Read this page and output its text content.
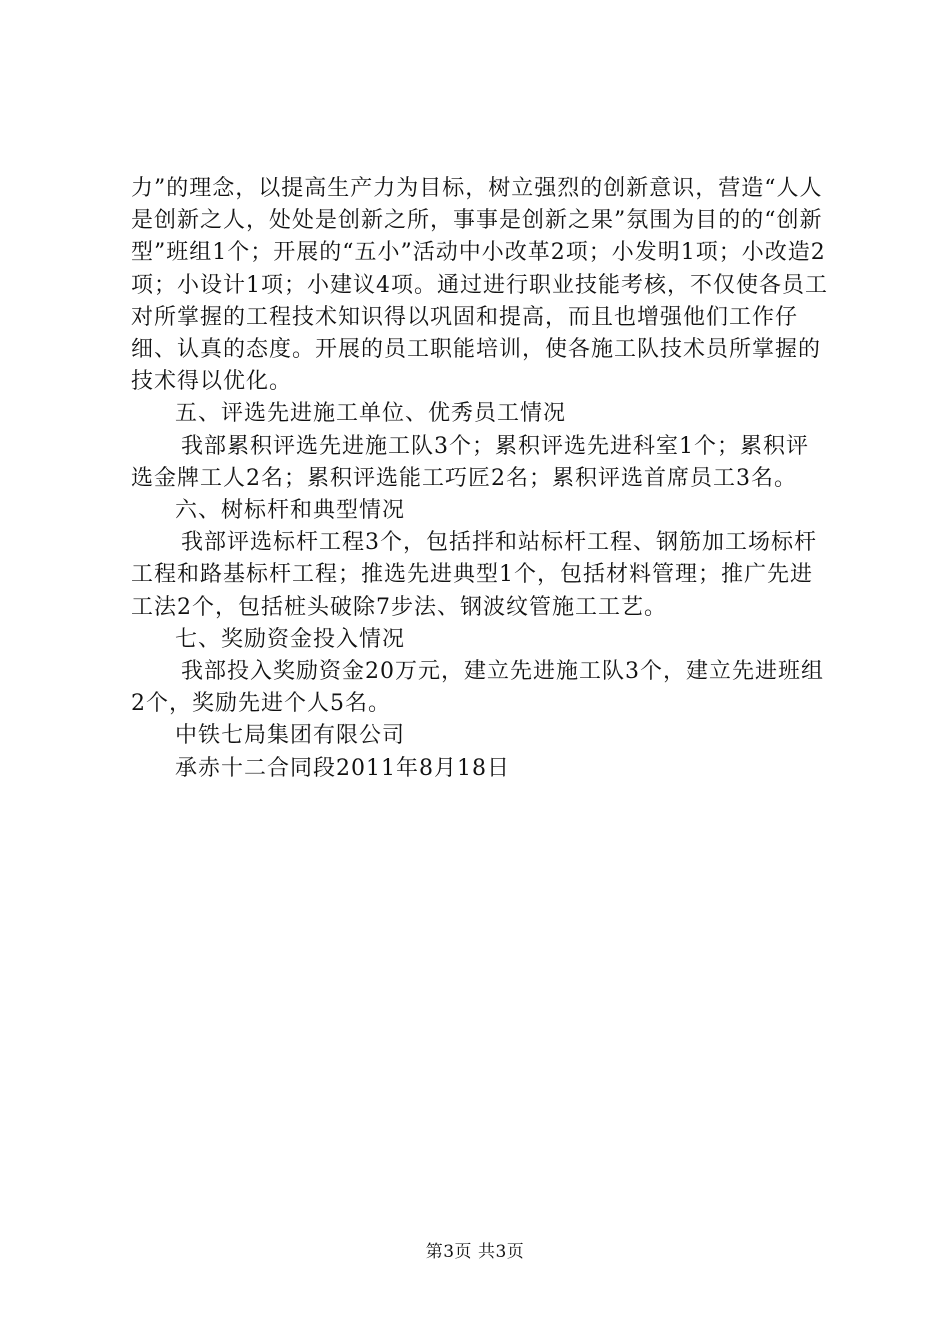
力”的理念，以提高生产力为目标，树立强烈的创新意识，营造“人人是创新之人，处处是创新之所，事事是创新之果”氛围为目的的“创新型”班组1个；开展的“五小”活动中小改革2项；小发明1项；小改造2项；小设计1项；小建议4项。通过进行职业技能考核，不仅使各员工对所掌握的工程技术知识得以巩固和提高，而且也增强他们工作仔细、认真的态度。开展的员工职能培训，使各施工队技术员所掌握的技术得以优化。

五、评选先进施工单位、优秀员工情况

我部累积评选先进施工队3个；累积评选先进科室1个；累积评选金牌工人2名；累积评选能工巧匠2名；累积评选首席员工3名。

六、树标杆和典型情况

我部评选标杆工程3个，包括拌和站标杆工程、钢筋加工场标杆工程和路基标杆工程；推选先进典型1个，包括材料管理；推广先进工法2个，包括桩头破除7步法、钢波纹管施工工艺。

七、奖励资金投入情况

我部投入奖励资金20万元，建立先进施工队3个，建立先进班组2个，奖励先进个人5名。

中铁七局集团有限公司

承赤十二合同段2011年8月18日

第3页 共3页
